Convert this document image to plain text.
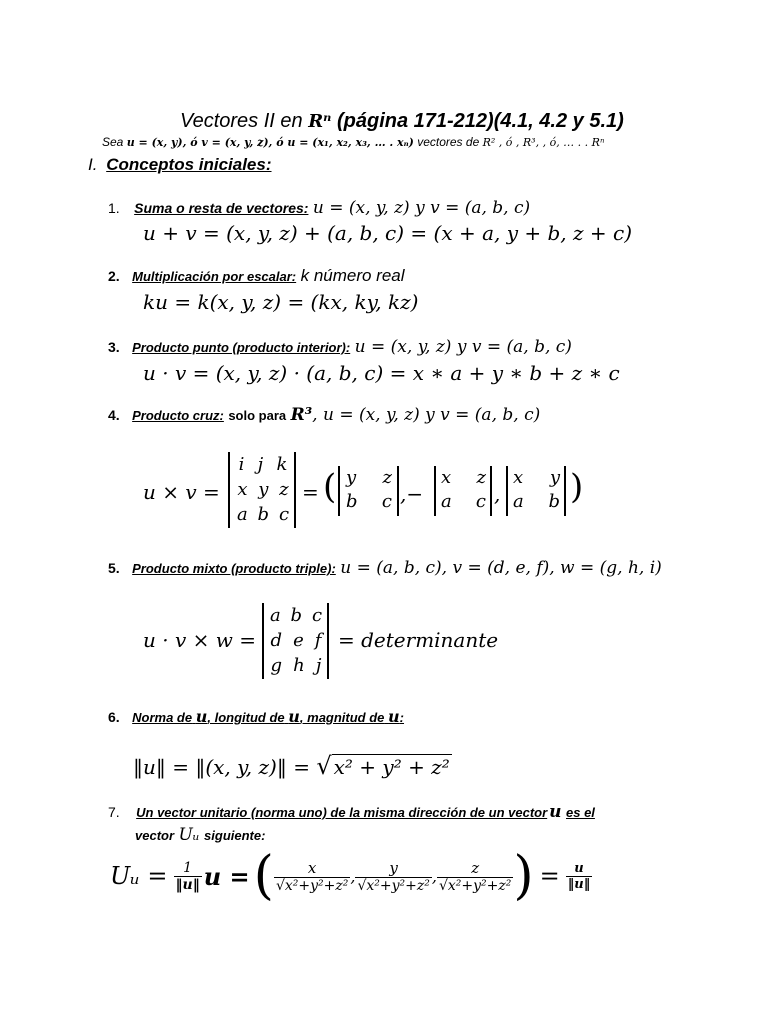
Vectores II en Rⁿ (página 171-212)(4.1, 4.2 y 5.1)
Sea u = (x, y), ó v = (x, y, z), ó u = (x₁, x₂, x₃, … . xₙ) vectores de R² , ó , R³, , ó, … . . Rⁿ
I. Conceptos iniciales:
1. Suma o resta de vectores: u = (x, y, z) y v = (a, b, c)
u + v = (x, y, z) + (a, b, c) = (x + a, y + b, z + c)
2. Multiplicación por escalar: k número real
ku = k(x, y, z) = (kx, ky, kz)
3. Producto punto (producto interior): u = (x, y, z) y v = (a, b, c)
u · v = (x, y, z) · (a, b, c) = x ∗ a + y ∗ b + z ∗ c
4. Producto cruz: solo para R³, u = (x, y, z) y v = (a, b, c)
u × v =
i j k
x y z
a b c
= ( y z
b c ,−
x z
a c ,
x y
a b )
5. Producto mixto (producto triple): u = (a, b, c), v = (d, e, f), w = (g, h, i)
u · v × w =
a b c
d e f
g h j
= determinante
6. Norma de u, longitud de u, magnitud de u:
‖u‖ = ‖(x, y, z)‖ = √ x² + y² + z²
7. Un vector unitario (norma uno) de la misma dirección de un vector u es el
vector Uᵤ siguiente:
Uᵤ = $\frac{1}{‖u‖}$ u = ( $\frac{x}{\text{√x²+y²+z²}}$ , $\frac{y}{\text{√x²+y²+z²}}$ , $\frac{z}{\text{√x²+y²+z²}}$ ) = $\frac{u}{‖u‖}$
